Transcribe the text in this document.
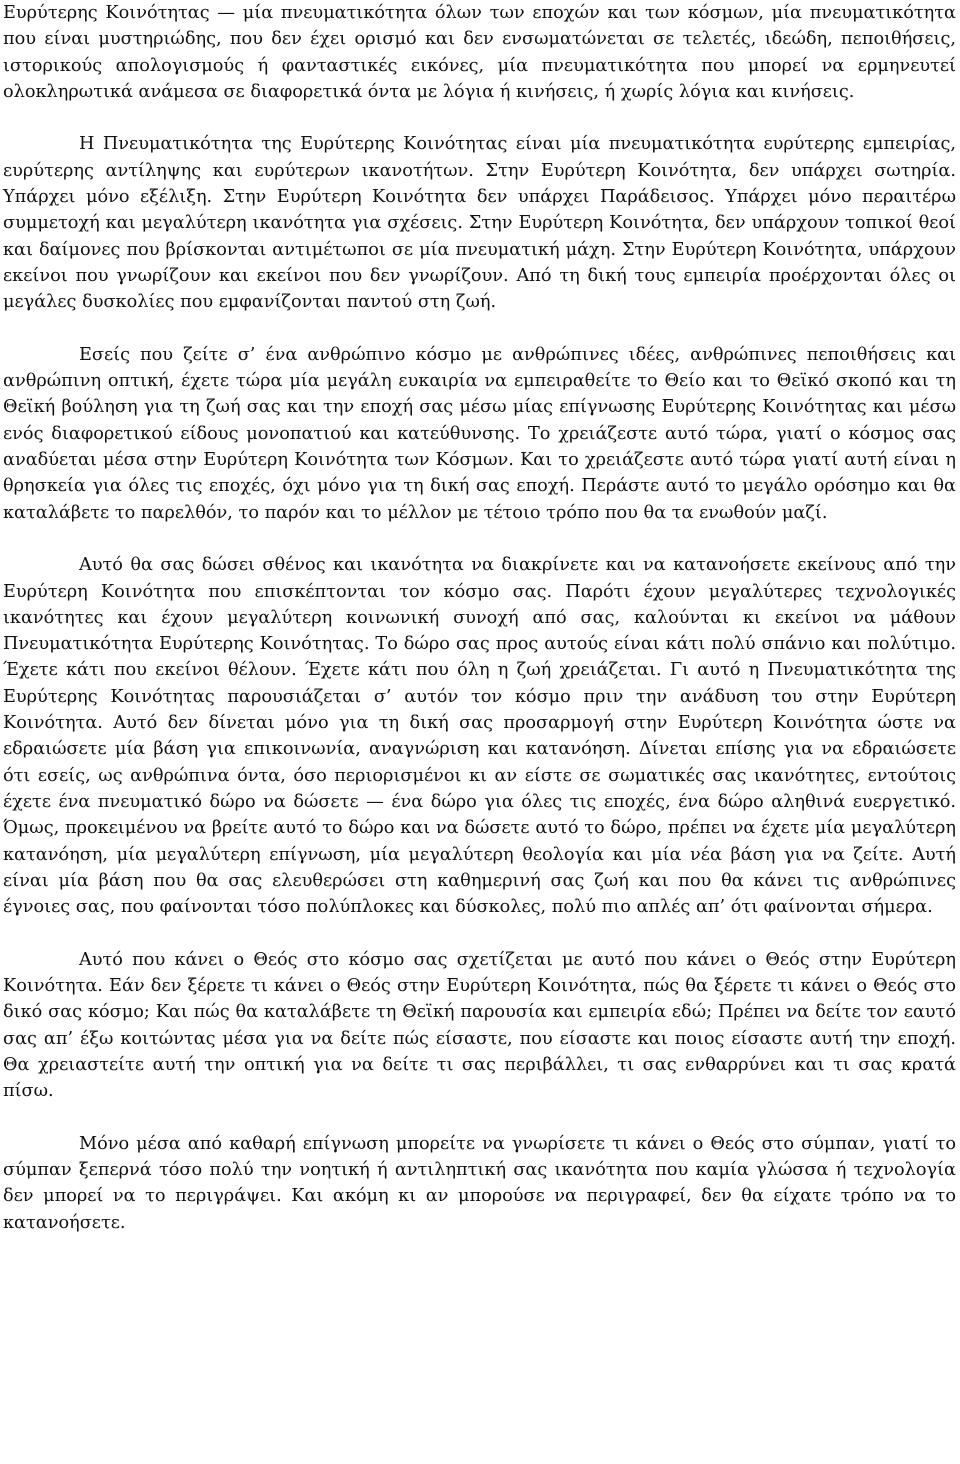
Ευρύτερης Κοινότητας — μία πνευματικότητα όλων των εποχών και των κόσμων, μία πνευματικότητα που είναι μυστηριώδης, που δεν έχει ορισμό και δεν ενσωματώνεται σε τελετές, ιδεώδη, πεποιθήσεις, ιστορικούς απολογισμούς ή φανταστικές εικόνες, μία πνευματικότητα που μπορεί να ερμηνευτεί ολοκληρωτικά ανάμεσα σε διαφορετικά όντα με λόγια ή κινήσεις, ή χωρίς λόγια και κινήσεις.

Η Πνευματικότητα της Ευρύτερης Κοινότητας είναι μία πνευματικότητα ευρύτερης εμπειρίας, ευρύτερης αντίληψης και ευρύτερων ικανοτήτων. Στην Ευρύτερη Κοινότητα, δεν υπάρχει σωτηρία. Υπάρχει μόνο εξέλιξη. Στην Ευρύτερη Κοινότητα δεν υπάρχει Παράδεισος. Υπάρχει μόνο περαιτέρω συμμετοχή και μεγαλύτερη ικανότητα για σχέσεις. Στην Ευρύτερη Κοινότητα, δεν υπάρχουν τοπικοί θεοί και δαίμονες που βρίσκονται αντιμέτωποι σε μία πνευματική μάχη. Στην Ευρύτερη Κοινότητα, υπάρχουν εκείνοι που γνωρίζουν και εκείνοι που δεν γνωρίζουν. Από τη δική τους εμπειρία προέρχονται όλες οι μεγάλες δυσκολίες που εμφανίζονται παντού στη ζωή.

Εσείς που ζείτε σ’ ένα ανθρώπινο κόσμο με ανθρώπινες ιδέες, ανθρώπινες πεποιθήσεις και ανθρώπινη οπτική, έχετε τώρα μία μεγάλη ευκαιρία να εμπειραθείτε το Θείο και το Θεϊκό σκοπό και τη Θεϊκή βούληση για τη ζωή σας και την εποχή σας μέσω μίας επίγνωσης Ευρύτερης Κοινότητας και μέσω ενός διαφορετικού είδους μονοπατιού και κατεύθυνσης. Το χρειάζεστε αυτό τώρα, γιατί ο κόσμος σας αναδύεται μέσα στην Ευρύτερη Κοινότητα των Κόσμων. Και το χρειάζεστε αυτό τώρα γιατί αυτή είναι η θρησκεία για όλες τις εποχές, όχι μόνο για τη δική σας εποχή. Περάστε αυτό το μεγάλο ορόσημο και θα καταλάβετε το παρελθόν, το παρόν και το μέλλον με τέτοιο τρόπο που θα τα ενωθούν μαζί.

Αυτό θα σας δώσει σθένος και ικανότητα να διακρίνετε και να κατανοήσετε εκείνους από την Ευρύτερη Κοινότητα που επισκέπτονται τον κόσμο σας. Παρότι έχουν μεγαλύτερες τεχνολογικές ικανότητες και έχουν μεγαλύτερη κοινωνική συνοχή από σας, καλούνται κι εκείνοι να μάθουν Πνευματικότητα Ευρύτερης Κοινότητας. Το δώρο σας προς αυτούς είναι κάτι πολύ σπάνιο και πολύτιμο. Έχετε κάτι που εκείνοι θέλουν. Έχετε κάτι που όλη η ζωή χρειάζεται. Γι αυτό η Πνευματικότητα της Ευρύτερης Κοινότητας παρουσιάζεται σ’ αυτόν τον κόσμο πριν την ανάδυση του στην Ευρύτερη Κοινότητα. Αυτό δεν δίνεται μόνο για τη δική σας προσαρμογή στην Ευρύτερη Κοινότητα ώστε να εδραιώσετε μία βάση για επικοινωνία, αναγνώριση και κατανόηση. Δίνεται επίσης για να εδραιώσετε ότι εσείς, ως ανθρώπινα όντα, όσο περιορισμένοι κι αν είστε σε σωματικές σας ικανότητες, εντούτοις έχετε ένα πνευματικό δώρο να δώσετε — ένα δώρο για όλες τις εποχές, ένα δώρο αληθινά ευεργετικό. Όμως, προκειμένου να βρείτε αυτό το δώρο και να δώσετε αυτό το δώρο, πρέπει να έχετε μία μεγαλύτερη κατανόηση, μία μεγαλύτερη επίγνωση, μία μεγαλύτερη θεολογία και μία νέα βάση για να ζείτε. Αυτή είναι μία βάση που θα σας ελευθερώσει στη καθημερινή σας ζωή και που θα κάνει τις ανθρώπινες έγνοιες σας, που φαίνονται τόσο πολύπλοκες και δύσκολες, πολύ πιο απλές απ’ ότι φαίνονται σήμερα.

Αυτό που κάνει ο Θεός στο κόσμο σας σχετίζεται με αυτό που κάνει ο Θεός στην Ευρύτερη Κοινότητα. Εάν δεν ξέρετε τι κάνει ο Θεός στην Ευρύτερη Κοινότητα, πώς θα ξέρετε τι κάνει ο Θεός στο δικό σας κόσμο; Και πώς θα καταλάβετε τη Θεϊκή παρουσία και εμπειρία εδώ; Πρέπει να δείτε τον εαυτό σας απ’ έξω κοιτώντας μέσα για να δείτε πώς είσαστε, που είσαστε και ποιος είσαστε αυτή την εποχή. Θα χρειαστείτε αυτή την οπτική για να δείτε τι σας περιβάλλει, τι σας ενθαρρύνει και τι σας κρατά πίσω.

Μόνο μέσα από καθαρή επίγνωση μπορείτε να γνωρίσετε τι κάνει ο Θεός στο σύμπαν, γιατί το σύμπαν ξεπερνά τόσο πολύ την νοητική ή αντιληπτική σας ικανότητα που καμία γλώσσα ή τεχνολογία δεν μπορεί να το περιγράψει. Και ακόμη κι αν μπορούσε να περιγραφεί, δεν θα είχατε τρόπο να το κατανοήσετε.
